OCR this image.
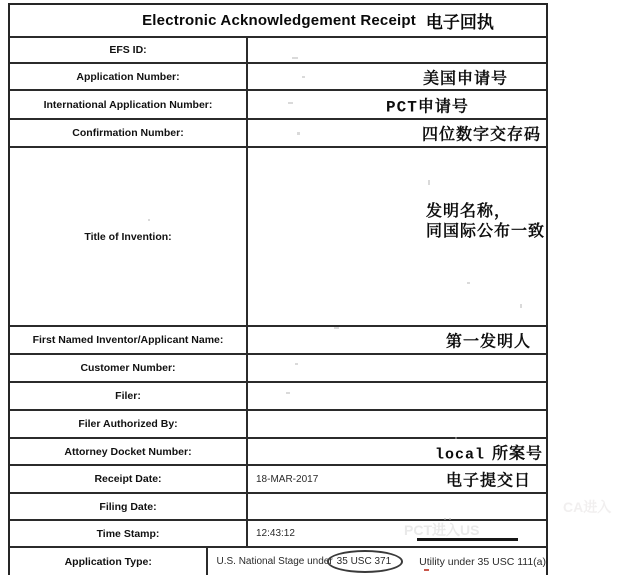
Electronic Acknowledgement Receipt 电子回执
EFS ID:
Application Number:	美国申请号
International Application Number:	PCT申请号
Confirmation Number:	四位数字交存码
Title of Invention:
发明名称，
同国际公布一致
First Named Inventor/Applicant Name:	第一发明人
Customer Number:
Filer:
Filer Authorized By:
Attorney Docket Number:	local 所案号
Receipt Date:	18-MAR-2017	电子提交日
Filing Date:
Time Stamp:	12:43:12
Application Type:	U.S. National Stage under 35 USC 371	Utility under 35 USC 111(a)
PCT进入US
CA进入
